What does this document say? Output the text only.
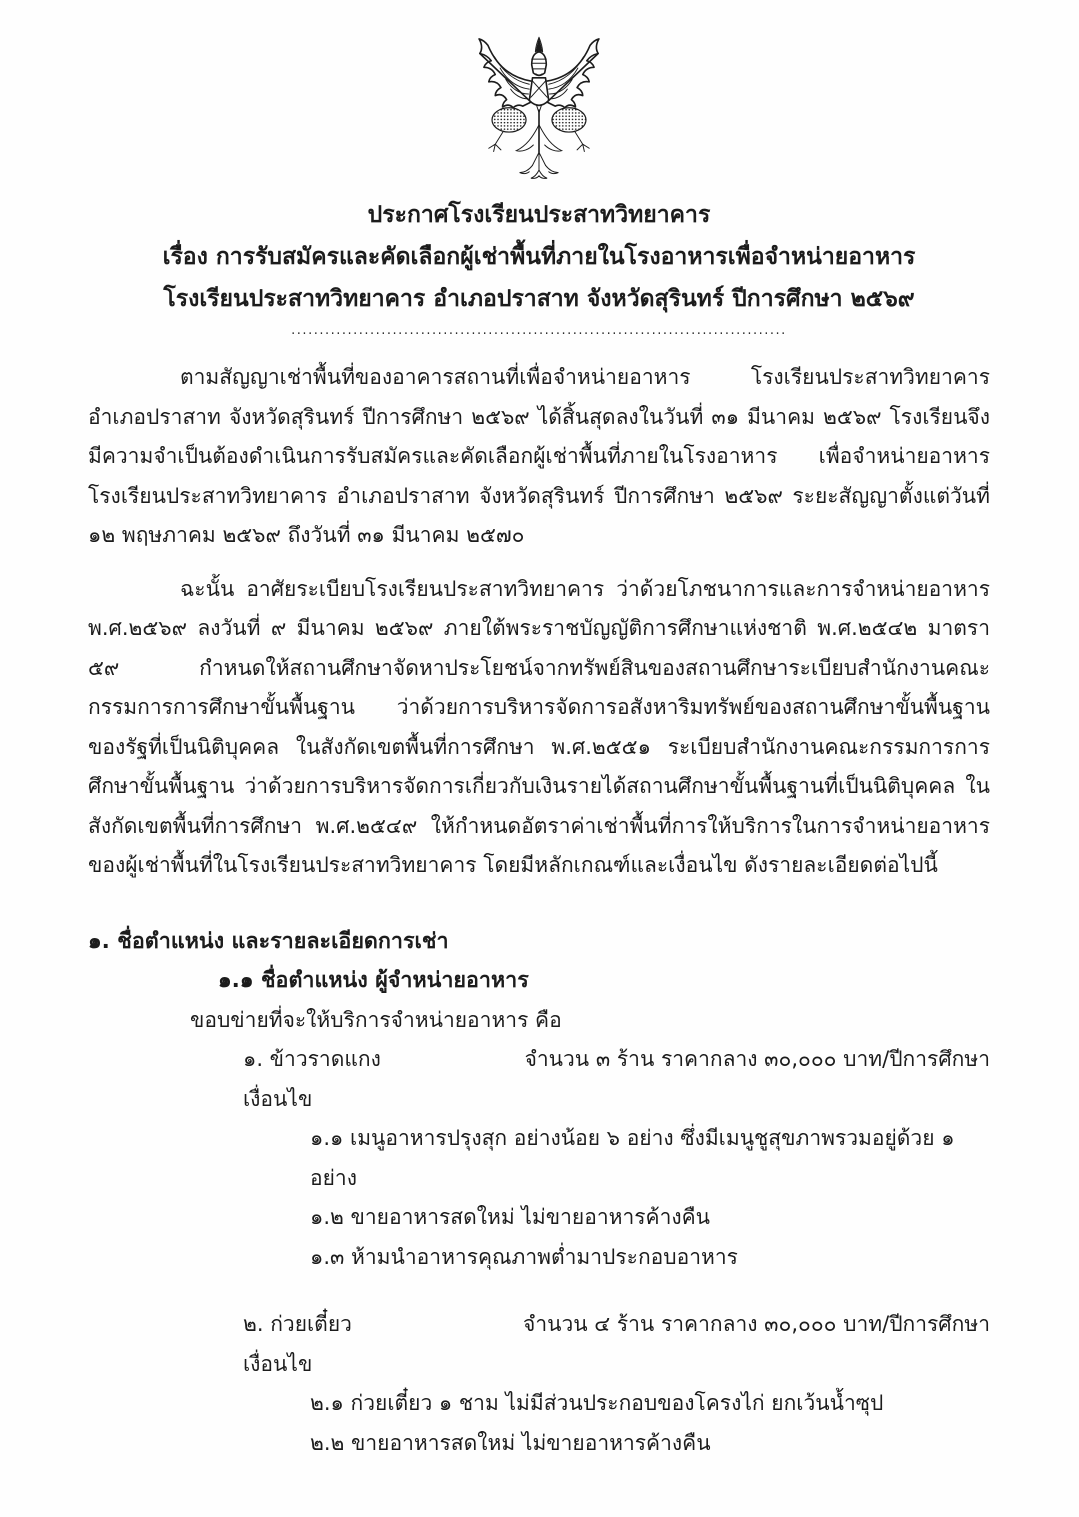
ประกาศโรงเรียนประสาทวิทยาคาร
เรื่อง การรับสมัครและคัดเลือกผู้เช่าพื้นที่ภายในโรงอาหารเพื่อจำหน่ายอาหาร
โรงเรียนประสาทวิทยาคาร อำเภอปราสาท จังหวัดสุรินทร์ ปีการศึกษา ๒๕๖๙
........................................................................................

ตามสัญญาเช่าพื้นที่ของอาคารสถานที่เพื่อจำหน่ายอาหาร โรงเรียนประสาทวิทยาคาร อำเภอปราสาท จังหวัดสุรินทร์ ปีการศึกษา ๒๕๖๙ ได้สิ้นสุดลงในวันที่ ๓๑ มีนาคม ๒๕๖๙ โรงเรียนจึงมีความจำเป็นต้องดำเนินการรับสมัครและคัดเลือกผู้เช่าพื้นที่ภายในโรงอาหาร เพื่อจำหน่ายอาหาร โรงเรียนประสาทวิทยาคาร อำเภอปราสาท จังหวัดสุรินทร์ ปีการศึกษา ๒๕๖๙ ระยะสัญญาตั้งแต่วันที่ ๑๒ พฤษภาคม ๒๕๖๙ ถึงวันที่ ๓๑ มีนาคม ๒๕๗๐

ฉะนั้น อาศัยระเบียบโรงเรียนประสาทวิทยาคาร ว่าด้วยโภชนาการและการจำหน่ายอาหาร พ.ศ.๒๕๖๙ ลงวันที่ ๙ มีนาคม ๒๕๖๙ ภายใต้พระราชบัญญัติการศึกษาแห่งชาติ พ.ศ.๒๕๔๒ มาตรา ๕๙ กำหนดให้สถานศึกษาจัดหาประโยชน์จากทรัพย์สินของสถานศึกษาระเบียบสำนักงานคณะกรรมการการศึกษาขั้นพื้นฐาน ว่าด้วยการบริหารจัดการอสังหาริมทรัพย์ของสถานศึกษาขั้นพื้นฐานของรัฐที่เป็นนิติบุคคล ในสังกัดเขตพื้นที่การศึกษา พ.ศ.๒๕๕๑ ระเบียบสำนักงานคณะกรรมการการศึกษาขั้นพื้นฐาน ว่าด้วยการบริหารจัดการเกี่ยวกับเงินรายได้สถานศึกษาขั้นพื้นฐานที่เป็นนิติบุคคล ในสังกัดเขตพื้นที่การศึกษา พ.ศ.๒๕๔๙ ให้กำหนดอัตราค่าเช่าพื้นที่การให้บริการในการจำหน่ายอาหาร ของผู้เช่าพื้นที่ในโรงเรียนประสาทวิทยาคาร โดยมีหลักเกณฑ์และเงื่อนไข ดังรายละเอียดต่อไปนี้

๑. ชื่อตำแหน่ง และรายละเอียดการเช่า
๑.๑ ชื่อตำแหน่ง ผู้จำหน่ายอาหาร
ขอบข่ายที่จะให้บริการจำหน่ายอาหาร คือ
๑. ข้าวราดแกง	จำนวน ๓ ร้าน ราคากลาง ๓๐,๐๐๐ บาท/ปีการศึกษา
เงื่อนไข
๑.๑ เมนูอาหารปรุงสุก อย่างน้อย ๖ อย่าง ซึ่งมีเมนูชูสุขภาพรวมอยู่ด้วย ๑ อย่าง
๑.๒ ขายอาหารสดใหม่ ไม่ขายอาหารค้างคืน
๑.๓ ห้ามนำอาหารคุณภาพต่ำมาประกอบอาหาร
๒. ก่วยเตี๋ยว	จำนวน ๔ ร้าน ราคากลาง ๓๐,๐๐๐ บาท/ปีการศึกษา
เงื่อนไข
๒.๑ ก่วยเตี๋ยว ๑ ชาม ไม่มีส่วนประกอบของโครงไก่ ยกเว้นน้ำซุป
๒.๒ ขายอาหารสดใหม่ ไม่ขายอาหารค้างคืน
